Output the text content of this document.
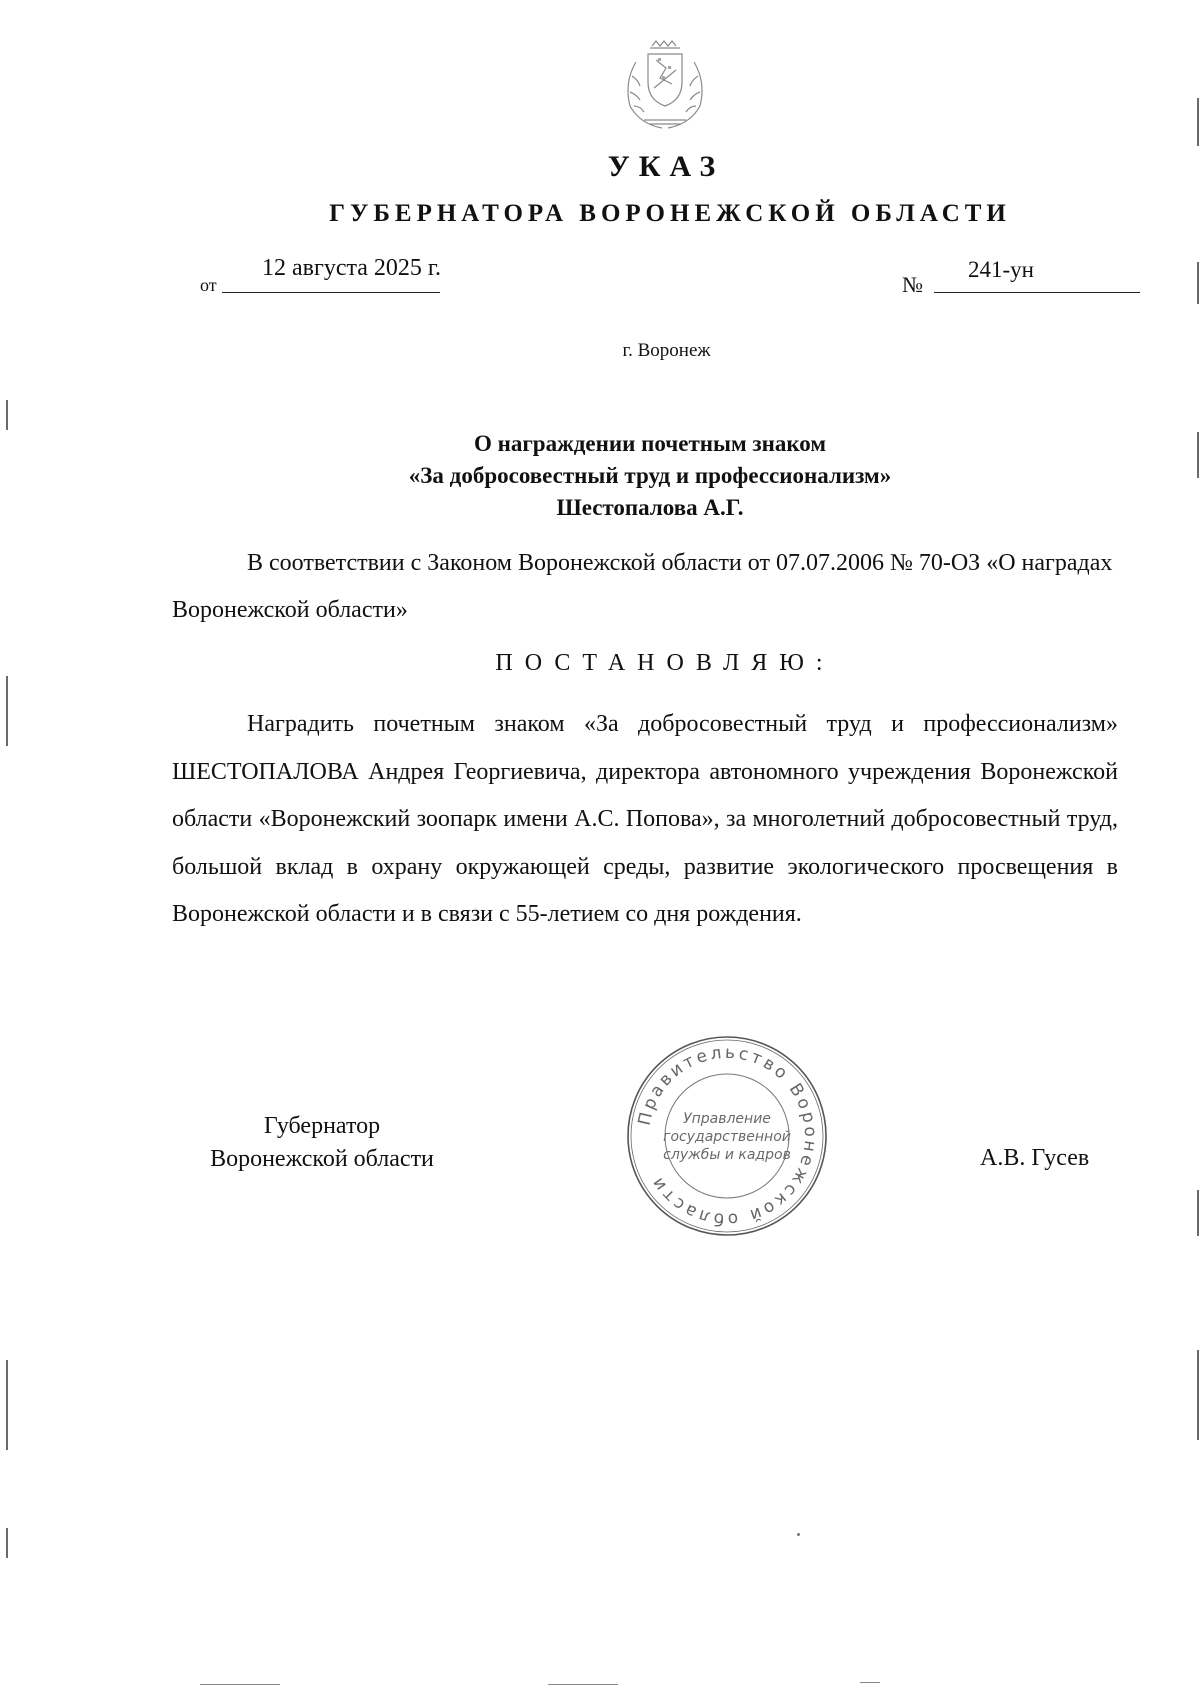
УКАЗ
ГУБЕРНАТОРА ВОРОНЕЖСКОЙ ОБЛАСТИ
от
12 августа 2025 г.
№
241-ун
г. Воронеж
О награждении почетным знаком
«За добросовестный труд и профессионализм»
Шестопалова А.Г.
В соответствии с Законом Воронежской области от 07.07.2006 № 70-ОЗ «О наградах Воронежской области»
ПОСТАНОВЛЯЮ:
Наградить почетным знаком «За добросовестный труд и профессионализм» ШЕСТОПАЛОВА Андрея Георгиевича, директора автономного учреждения Воронежской области «Воронежский зоопарк имени А.С. Попова», за многолетний добросовестный труд, большой вклад в охрану окружающей среды, развитие экологического просвещения в Воронежской области и в связи с 55-летием со дня рождения.
Губернатор
Воронежской области
Правительство Воронежской области
Управление
государственной
службы и кадров	А.В. Гусев
